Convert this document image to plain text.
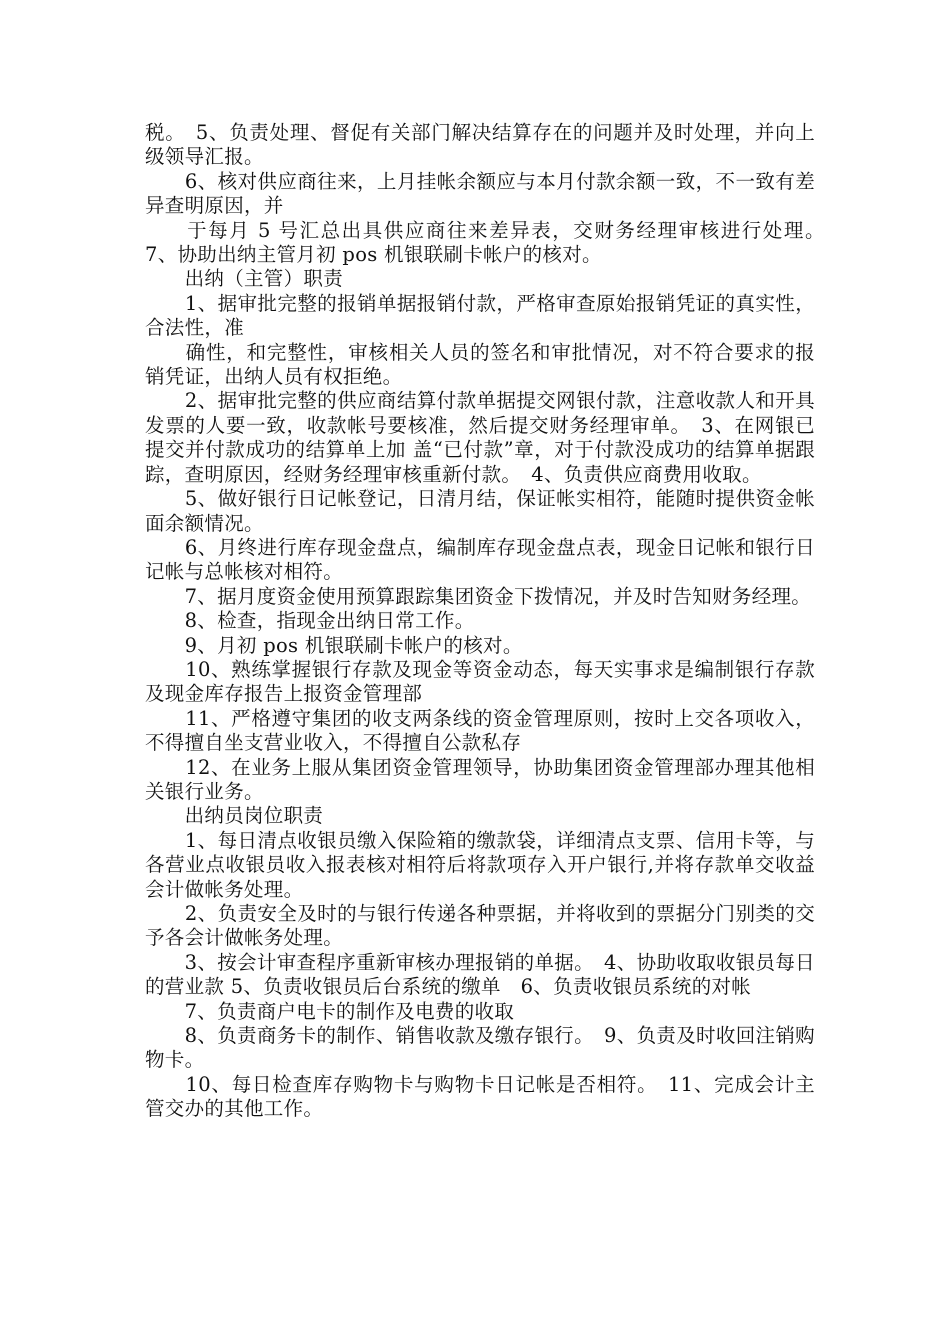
税。　5、负责处理、督促有关部门解决结算存在的问题并及时处理，并向上级领导汇报。

　　6、核对供应商往来，上月挂帐余额应与本月付款余额一致，不一致有差异查明原因，并

　　于每月 5 号汇总出具供应商往来差异表，交财务经理审核进行处理。　7、协助出纳主管月初 pos 机银联刷卡帐户的核对。

　　出纳（主管）职责

　　1、据审批完整的报销单据报销付款，严格审查原始报销凭证的真实性，合法性，准

　　确性，和完整性，审核相关人员的签名和审批情况，对不符合要求的报销凭证，出纳人员有权拒绝。

　　2、据审批完整的供应商结算付款单据提交网银付款，注意收款人和开具发票的人要一致，收款帐号要核准，然后提交财务经理审单。　3、在网银已提交并付款成功的结算单上加 盖“已付款”章，对于付款没成功的结算单据跟踪，查明原因，经财务经理审核重新付款。　4、负责供应商费用收取。

　　5、做好银行日记帐登记，日清月结，保证帐实相符，能随时提供资金帐面余额情况。

　　6、月终进行库存现金盘点，编制库存现金盘点表，现金日记帐和银行日记帐与总帐核对相符。

　　7、据月度资金使用预算跟踪集团资金下拨情况，并及时告知财务经理。

　　8、检查，指现金出纳日常工作。

　　9、月初 pos 机银联刷卡帐户的核对。

　　10、熟练掌握银行存款及现金等资金动态，每天实事求是编制银行存款及现金库存报告上报资金管理部

　　11、严格遵守集团的收支两条线的资金管理原则，按时上交各项收入，不得擅自坐支营业收入，不得擅自公款私存

　　12、在业务上服从集团资金管理领导，协助集团资金管理部办理其他相关银行业务。

　　出纳员岗位职责

　　1、每日清点收银员缴入保险箱的缴款袋，详细清点支票、信用卡等，与各营业点收银员收入报表核对相符后将款项存入开户银行,并将存款单交收益会计做帐务处理。

　　2、负责安全及时的与银行传递各种票据，并将收到的票据分门别类的交予各会计做帐务处理。

　　3、按会计审查程序重新审核办理报销的单据。　4、协助收取收银员每日的营业款 5、负责收银员后台系统的缴单　6、负责收银员系统的对帐

　　7、负责商户电卡的制作及电费的收取

　　8、负责商务卡的制作、销售收款及缴存银行。　9、负责及时收回注销购物卡。

　　10、每日检查库存购物卡与购物卡日记帐是否相符。　11、完成会计主管交办的其他工作。
